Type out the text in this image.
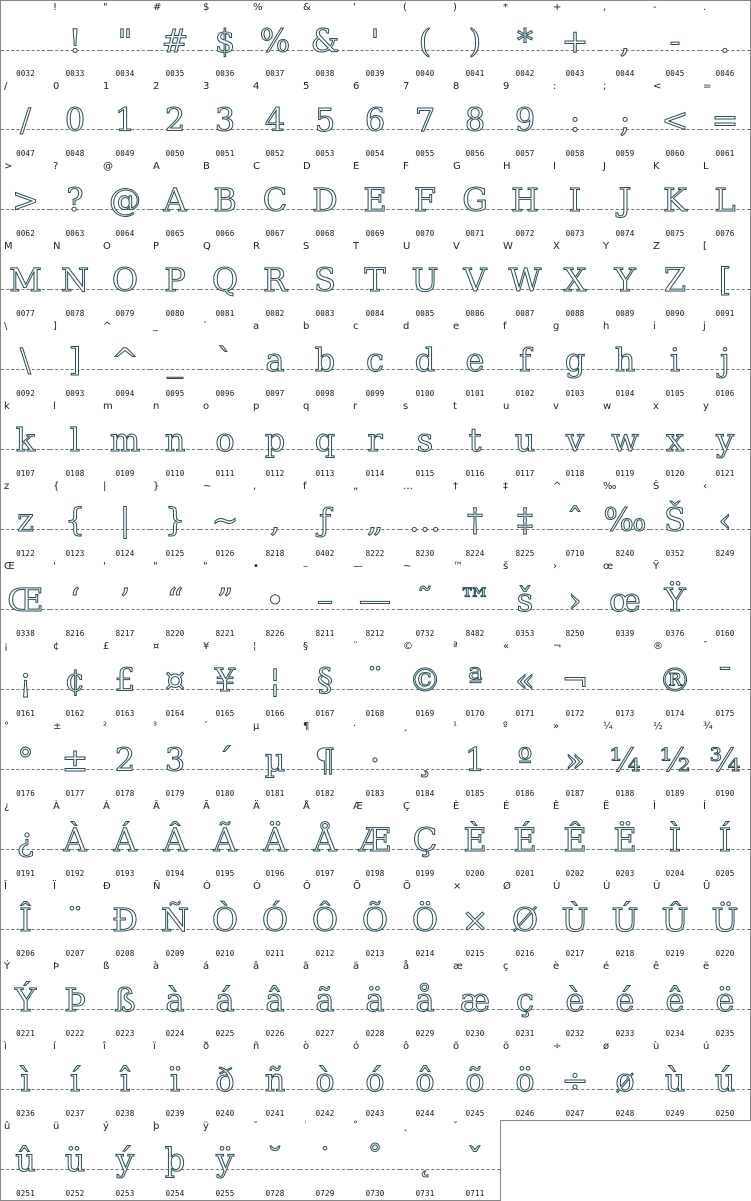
0032
!
!
0033
"
"
0034
#
#
0035
$
$
0036
%
%
0037
&
&
0038
'
'
0039
(
(
0040
)
)
0041
*
*
0042
+
+
0043
,
,
0044
-
-
0045
.
.
0046
/
/
0047
0
0
0048
1
1
0049
2
2
0050
3
3
0051
4
4
0052
5
5
0053
6
6
0054
7
7
0055
8
8
0056
9
9
0057
:
:
0058
;
;
0059
<
<
0060
=
=
0061
>
>
0062
?
?
0063
@
@
0064
A
A
0065
B
B
0066
C
C
0067
D
D
0068
E
E
0069
F
F
0070
G
G
0071
H
H
0072
I
I
0073
J
J
0074
K
K
0075
L
L
0076
M
M
0077
N
N
0078
O
O
0079
P
P
0080
Q
Q
0081
R
R
0082
S
S
0083
T
T
0084
U
U
0085
V
V
0086
W
W
0087
X
X
0088
Y
Y
0089
Z
Z
0090
[
[
0091
\
\
0092
]
]
0093
^
^
0094
_
_
0095
`
`
0096
a
a
0097
b
b
0098
c
c
0099
d
d
0100
e
e
0101
f
f
0102
g
g
0103
h
h
0104
i
i
0105
j
j
0106
k
k
0107
l
l
0108
m
m
0109
n
n
0110
o
o
0111
p
p
0112
q
q
0113
r
r
0114
s
s
0115
t
t
0116
u
u
0117
v
v
0118
w
w
0119
x
x
0120
y
y
0121
z
z
0122
{
{
0123
|
|
0124
}
}
0125
~
~
0126
,
‚
8218
f
ƒ
0402
„
„
8222
…
…
8230
†
†
8224
‡
‡
8225
^
ˆ
0710
‰
‰
8240
Š
Š
0352
‹
‹
8249
Œ
Œ
0338
'
‘
8216
'
’
8217
"
“
8220
"
”
8221
•
•
8226
–
–
8211
—
—
8212
~
˜
0732
™
™
8482
š
š
0353
›
›
8250
œ
œ
0339
Ÿ
Ÿ
0376	0160
¡
¡
0161
¢
¢
0162
£
£
0163
¤
¤
0164
¥
¥
0165
¦
¦
0166
§
§
0167
¨
¨
0168
©
©
0169
ª
ª
0170
«
«
0171
¬
¬
0172	0173
®
®
0174
¯
¯
0175
°
°
0176
±
±
0177
²
2
0178
³
3
0179
´
´
0180
µ
µ
0181
¶
¶
0182
·
·
0183
¸
¸
0184
¹
1
0185
º
º
0186
»
»
0187
¼
¼
0188
½
½
0189
¾
¾
0190
¿
¿
0191
À
À
0192
Á
Á
0193
Â
Â
0194
Ã
Ã
0195
Ä
Ä
0196
Å
Å
0197
Æ
Æ
0198
Ç
Ç
0199
È
È
0200
É
É
0201
Ê
Ê
0202
Ë
Ë
0203
Ì
Ì
0204
Í
Í
0205
Î
Î
0206
Ï
¨
0207
Ð
Ð
0208
Ñ
Ñ
0209
Ò
Ò
0210
Ó
Ó
0211
Ô
Ô
0212
Õ
Õ
0213
Ö
Ö
0214
×
×
0215
Ø
Ø
0216
Ù
Ù
0217
Ú
Ú
0218
Û
Û
0219
Ü
Ü
0220
Ý
Ý
0221
Þ
Þ
0222
ß
ß
0223
à
à
0224
á
á
0225
â
â
0226
ã
ã
0227
ä
ä
0228
å
å
0229
æ
æ
0230
ç
ç
0231
è
è
0232
é
é
0233
ê
ê
0234
ë
ë
0235
ì
ì
0236
í
í
0237
î
î
0238
ï
ï
0239
ð
ð
0240
ñ
ñ
0241
ò
ò
0242
ó
ó
0243
ô
ô
0244
õ
õ
0245
ö
ö
0246
÷
÷
0247
ø
ø
0248
ù
ù
0249
ú
ú
0250
û
û
0251
ü
ü
0252
ý
ý
0253
þ
þ
0254
ÿ
ÿ
0255
˘
˘
0728
˙
˙
0729
˚
˚
0730
˛
˛
0731
ˇ
ˇ
0711
